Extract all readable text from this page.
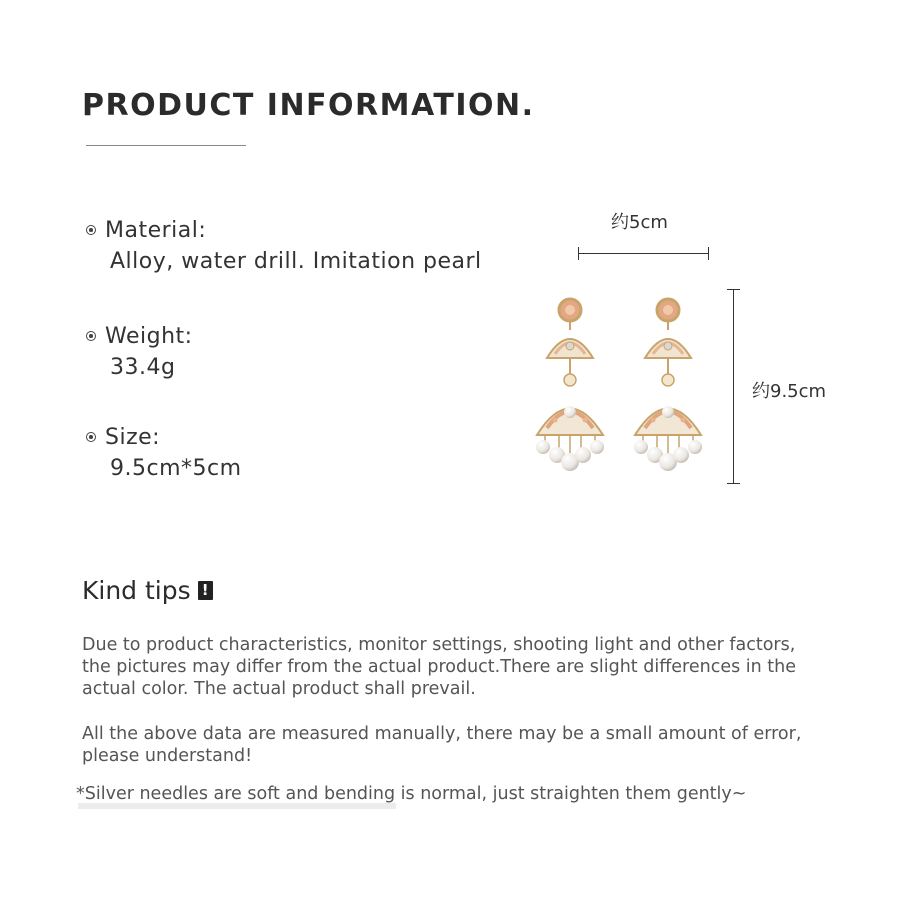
PRODUCT INFORMATION.
Material:
Alloy, water drill. Imitation pearl
Weight:
33.4g
Size:
9.5cm*5cm
约5cm
约9.5cm
Kind tips !
Due to product characteristics, monitor settings, shooting light and other factors, the pictures may differ from the actual product.There are slight differences in the actual color. The actual product shall prevail.
All the above data are measured manually, there may be a small amount of error, please understand!
*Silver needles are soft and bending is normal, just straighten them gently~
